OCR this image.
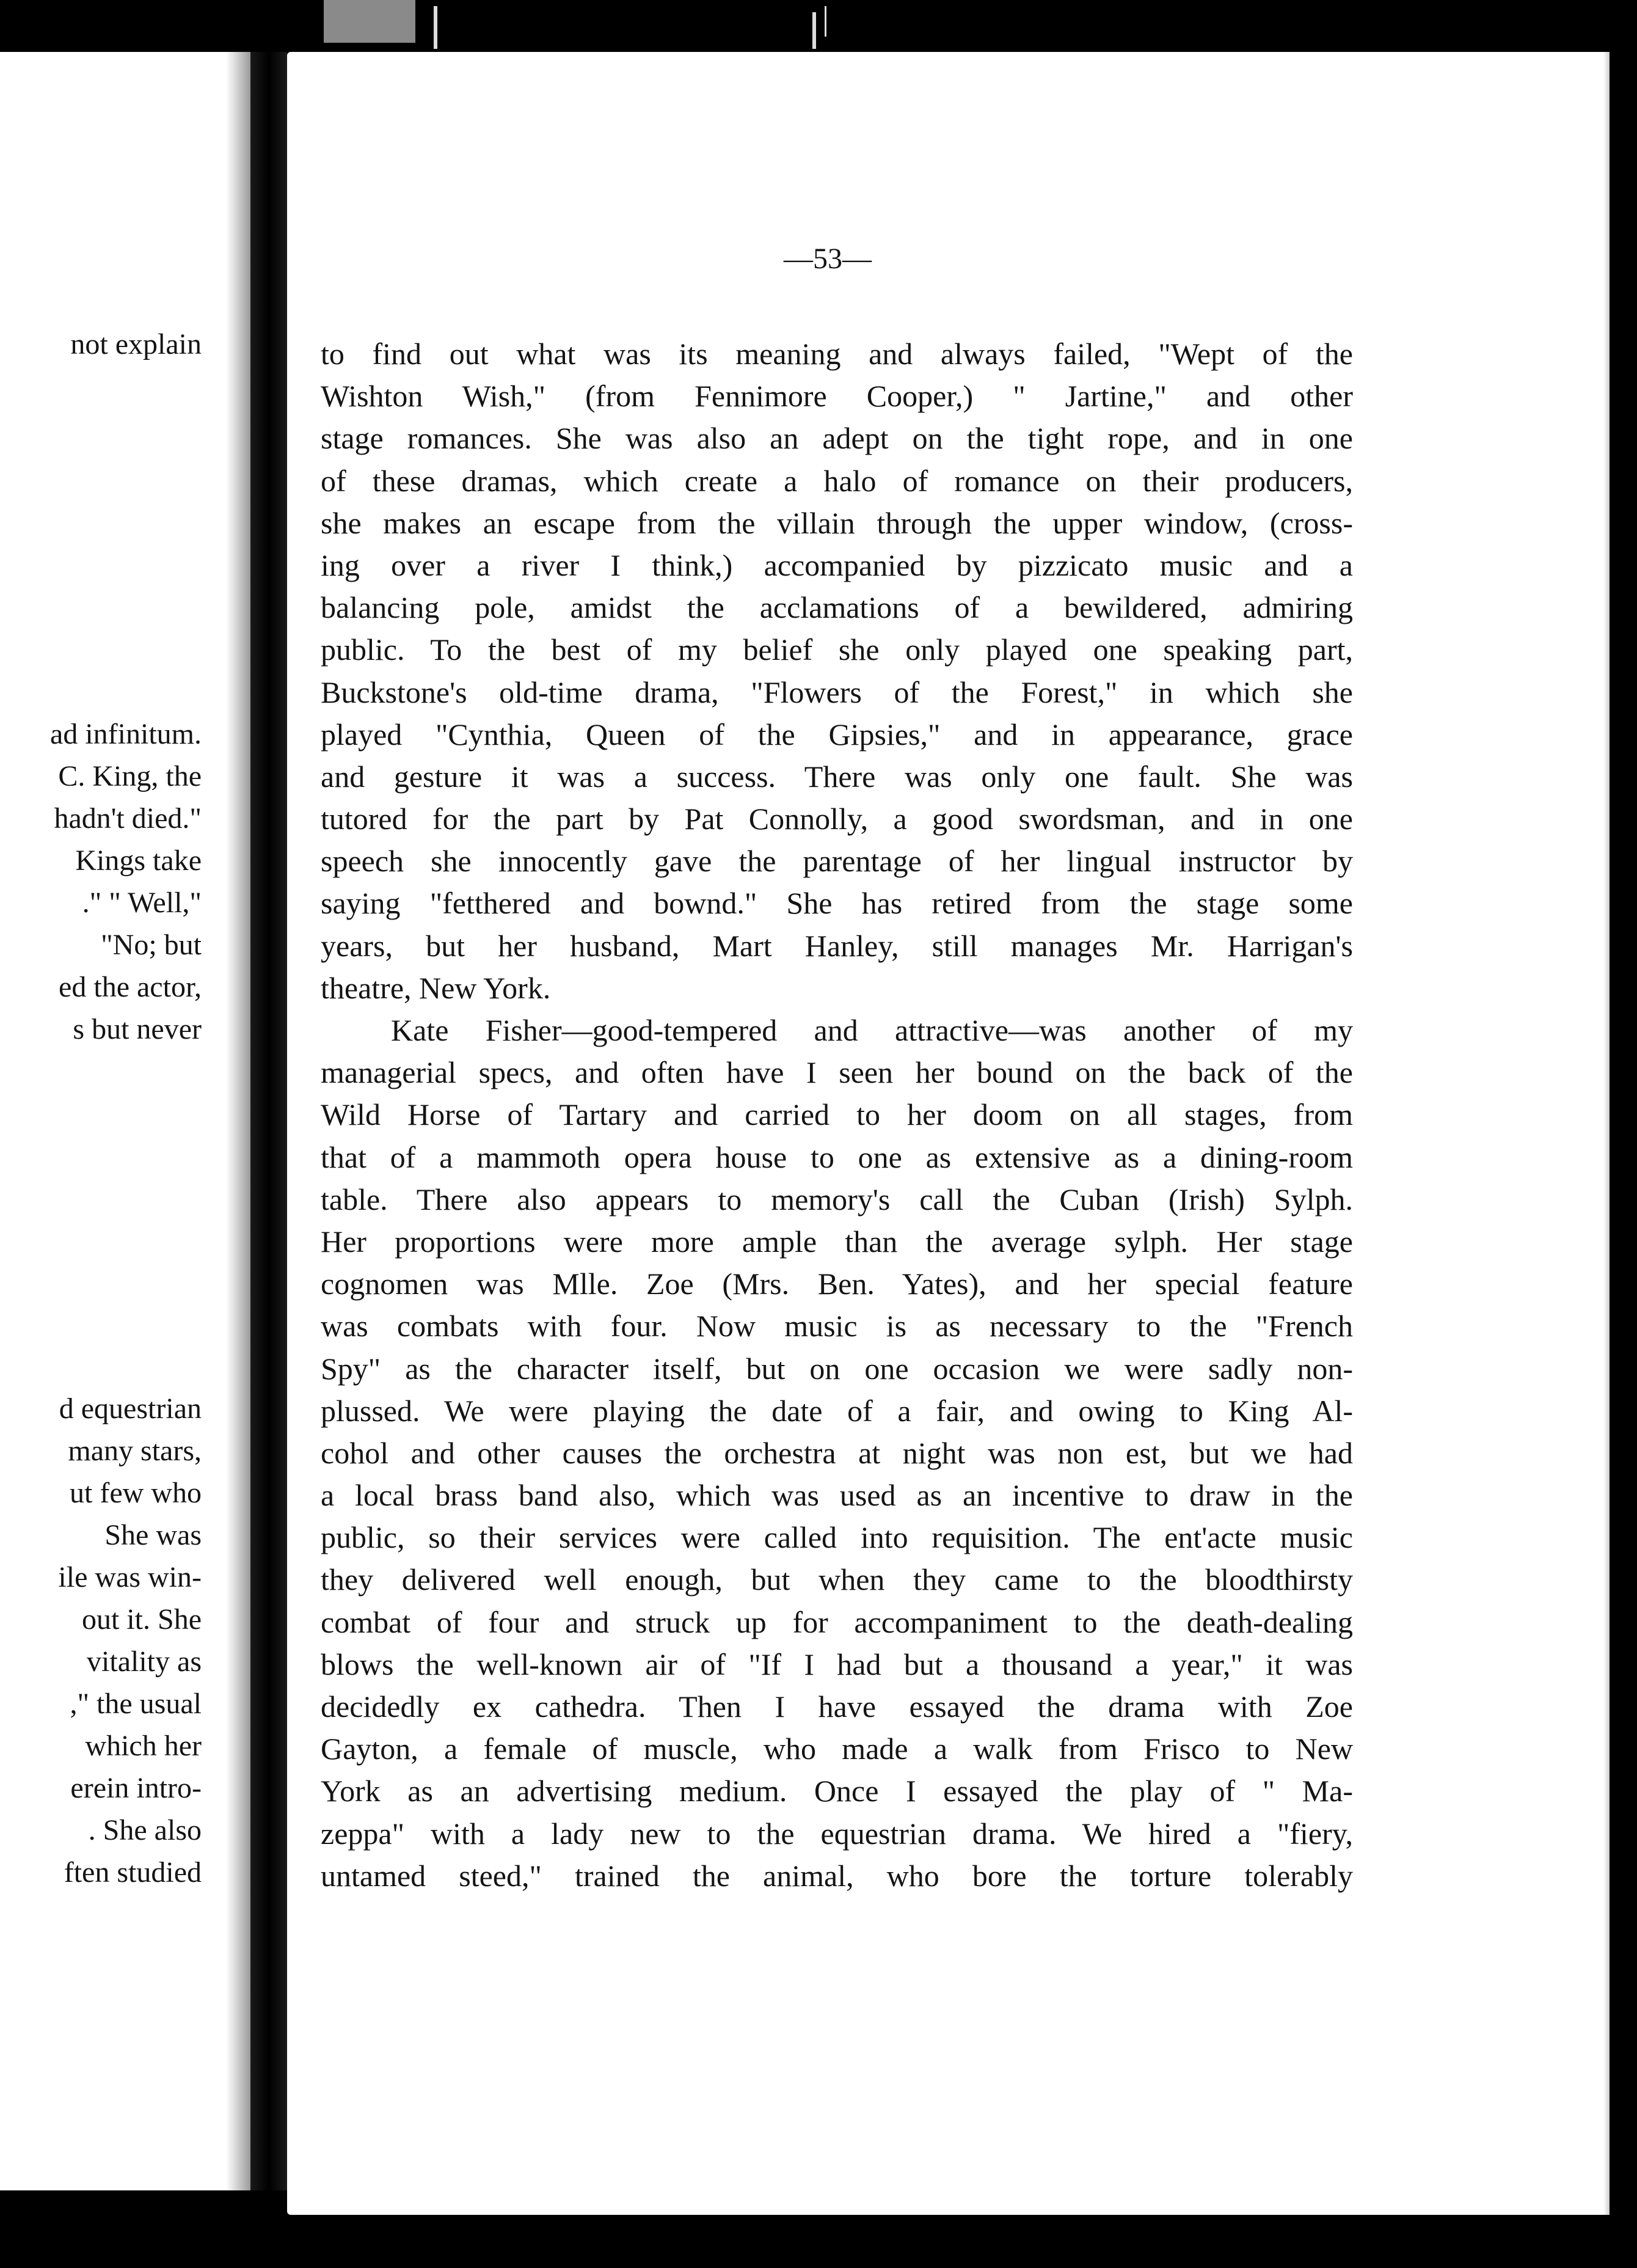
not explain
ad infinitum.
C. King, the
hadn't died."
Kings take
." " Well,"
"No; but
ed the actor,
s but never
d equestrian
many stars,
ut few who
She was
ile was win-
out it. She
vitality as
," the usual
which her
erein intro-
. She also
ften studied
—53—
to find out what was its meaning and always failed, "Wept of the
Wishton Wish," (from Fennimore Cooper,) " Jartine," and other
stage romances. She was also an adept on the tight rope, and in one
of these dramas, which create a halo of romance on their producers,
she makes an escape from the villain through the upper window, (cross-
ing over a river I think,) accompanied by pizzicato music and a
balancing pole, amidst the acclamations of a bewildered, admiring
public. To the best of my belief she only played one speaking part,
Buckstone's old-time drama, "Flowers of the Forest," in which she
played "Cynthia, Queen of the Gipsies," and in appearance, grace
and gesture it was a success. There was only one fault. She was
tutored for the part by Pat Connolly, a good swordsman, and in one
speech she innocently gave the parentage of her lingual instructor by
saying "fetthered and bownd." She has retired from the stage some
years, but her husband, Mart Hanley, still manages Mr. Harrigan's
theatre, New York.
Kate Fisher—good-tempered and attractive—was another of my
managerial specs, and often have I seen her bound on the back of the
Wild Horse of Tartary and carried to her doom on all stages, from
that of a mammoth opera house to one as extensive as a dining-room
table. There also appears to memory's call the Cuban (Irish) Sylph.
Her proportions were more ample than the average sylph. Her stage
cognomen was Mlle. Zoe (Mrs. Ben. Yates), and her special feature
was combats with four. Now music is as necessary to the "French
Spy" as the character itself, but on one occasion we were sadly non-
plussed. We were playing the date of a fair, and owing to King Al-
cohol and other causes the orchestra at night was non est, but we had
a local brass band also, which was used as an incentive to draw in the
public, so their services were called into requisition. The ent'acte music
they delivered well enough, but when they came to the bloodthirsty
combat of four and struck up for accompaniment to the death-dealing
blows the well-known air of "If I had but a thousand a year," it was
decidedly ex cathedra. Then I have essayed the drama with Zoe
Gayton, a female of muscle, who made a walk from Frisco to New
York as an advertising medium. Once I essayed the play of " Ma-
zeppa" with a lady new to the equestrian drama. We hired a "fiery,
untamed steed," trained the animal, who bore the torture tolerably
